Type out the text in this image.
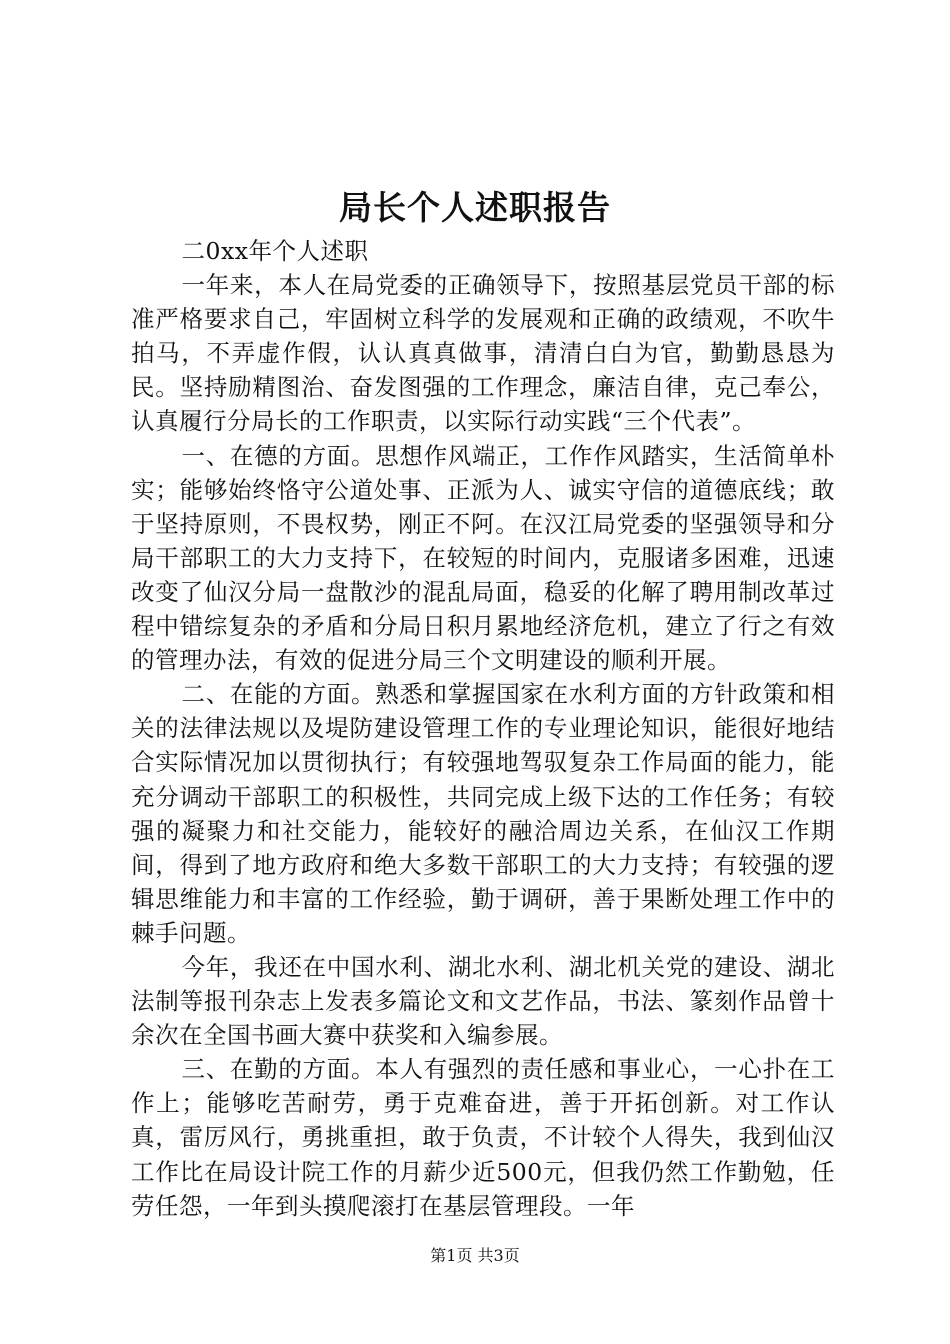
局长个人述职报告

二0xx年个人述职

一年来，本人在局党委的正确领导下，按照基层党员干部的标准严格要求自己，牢固树立科学的发展观和正确的政绩观，不吹牛拍马，不弄虚作假，认认真真做事，清清白白为官，勤勤恳恳为民。坚持励精图治、奋发图强的工作理念，廉洁自律，克己奉公，认真履行分局长的工作职责，以实际行动实践“三个代表”。

一、在德的方面。思想作风端正，工作作风踏实，生活简单朴实；能够始终恪守公道处事、正派为人、诚实守信的道德底线；敢于坚持原则，不畏权势，刚正不阿。在汉江局党委的坚强领导和分局干部职工的大力支持下，在较短的时间内，克服诸多困难，迅速改变了仙汉分局一盘散沙的混乱局面，稳妥的化解了聘用制改革过程中错综复杂的矛盾和分局日积月累地经济危机，建立了行之有效的管理办法，有效的促进分局三个文明建设的顺利开展。

二、在能的方面。熟悉和掌握国家在水利方面的方针政策和相关的法律法规以及堤防建设管理工作的专业理论知识，能很好地结合实际情况加以贯彻执行；有较强地驾驭复杂工作局面的能力，能充分调动干部职工的积极性，共同完成上级下达的工作任务；有较强的凝聚力和社交能力，能较好的融洽周边关系，在仙汉工作期间，得到了地方政府和绝大多数干部职工的大力支持；有较强的逻辑思维能力和丰富的工作经验，勤于调研，善于果断处理工作中的棘手问题。

今年，我还在中国水利、湖北水利、湖北机关党的建设、湖北法制等报刊杂志上发表多篇论文和文艺作品，书法、篆刻作品曾十余次在全国书画大赛中获奖和入编参展。

三、在勤的方面。本人有强烈的责任感和事业心，一心扑在工作上；能够吃苦耐劳，勇于克难奋进，善于开拓创新。对工作认真，雷厉风行，勇挑重担，敢于负责，不计较个人得失，我到仙汉工作比在局设计院工作的月薪少近500元，但我仍然工作勤勉，任劳任怨，一年到头摸爬滚打在基层管理段。一年

第1页 共3页
